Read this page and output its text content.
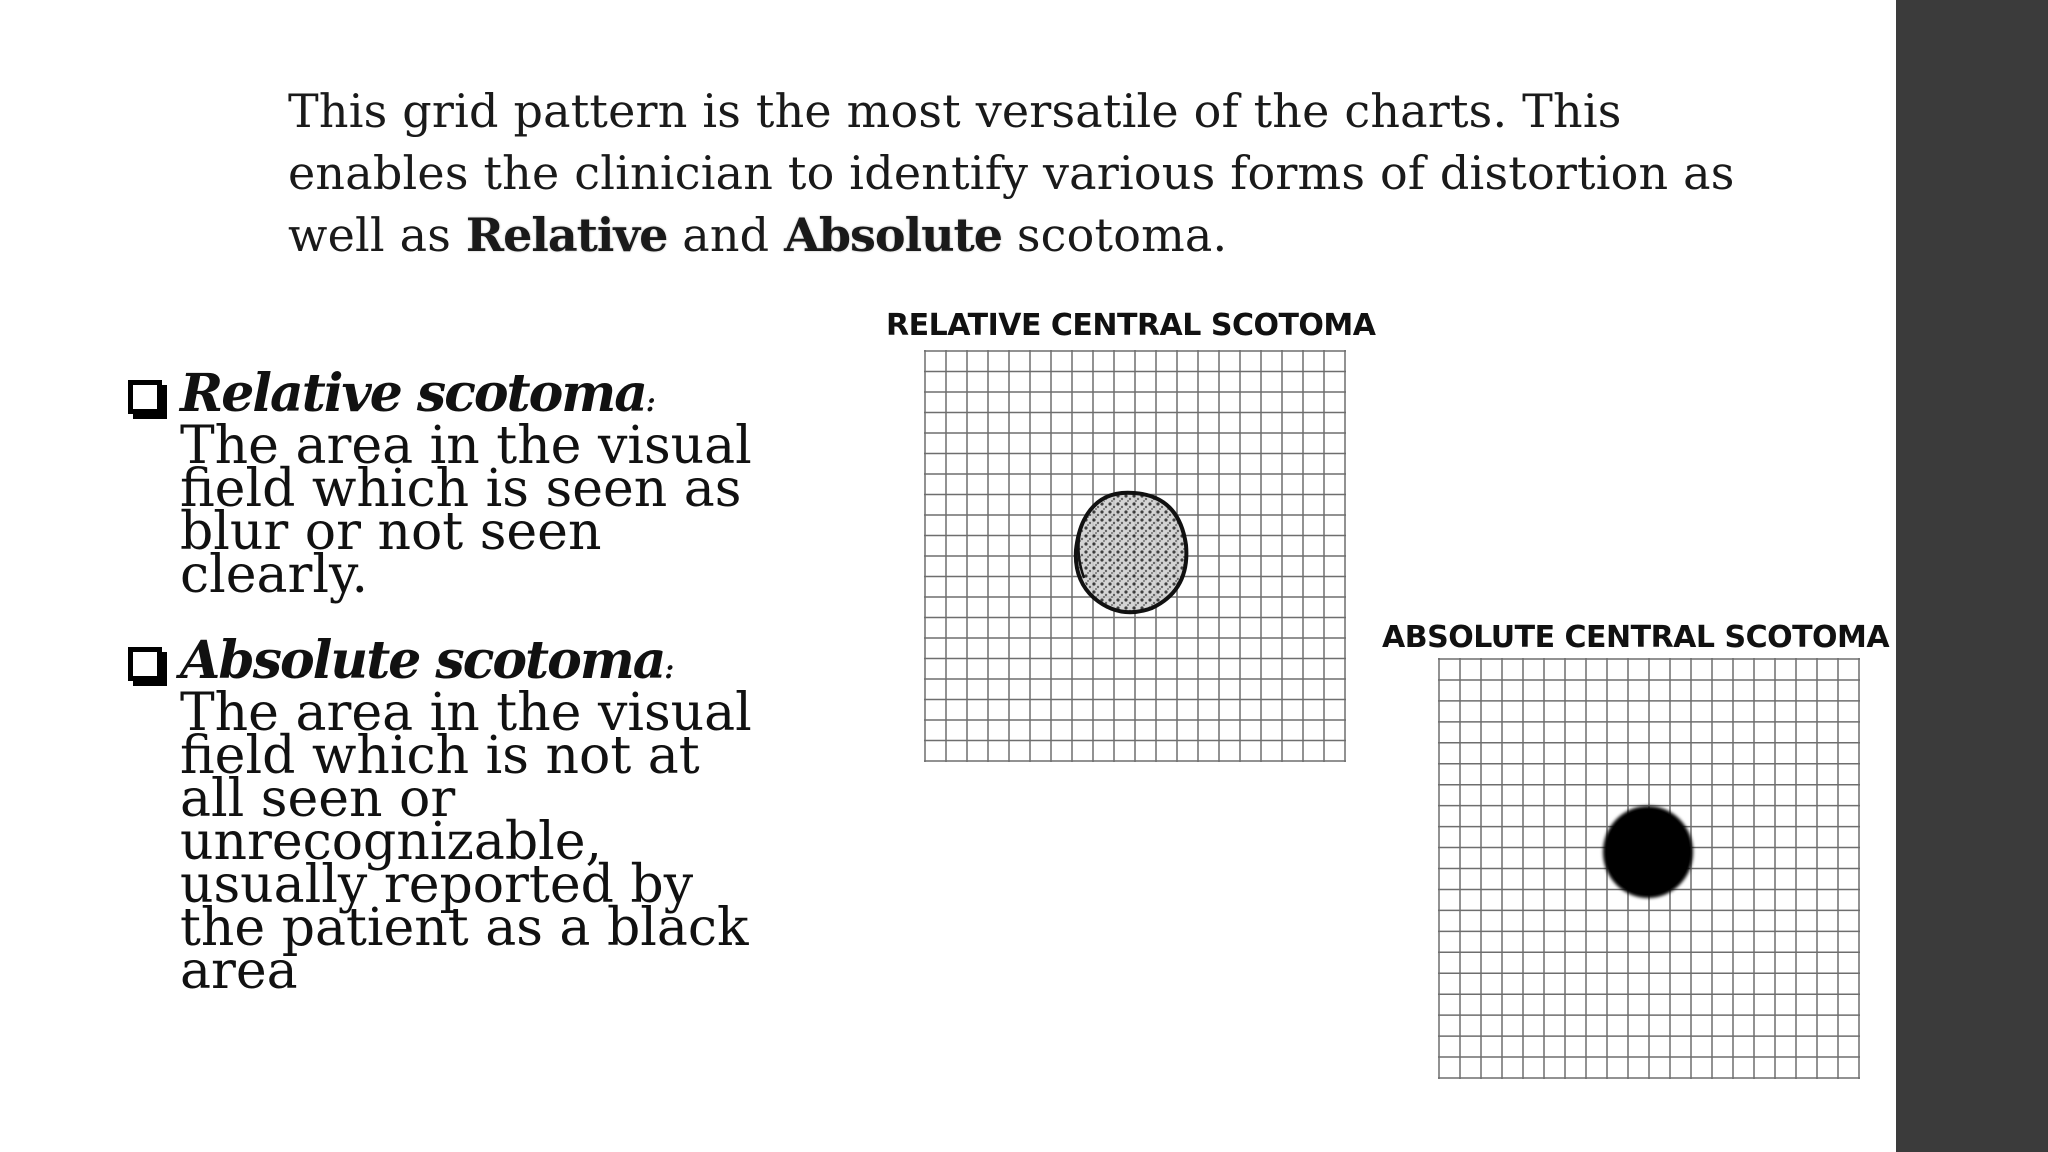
This grid pattern is the most versatile of the charts. This enables the clinician to identify various forms of distortion as well as Relative and Absolute scotoma.

Relative scotoma: The area in the visual field which is seen as blur or not seen clearly.
Absolute scotoma: The area in the visual field which is not at all seen or unrecognizable, usually reported by the patient as a black area

RELATIVE CENTRAL SCOTOMA

ABSOLUTE CENTRAL SCOTOMA
